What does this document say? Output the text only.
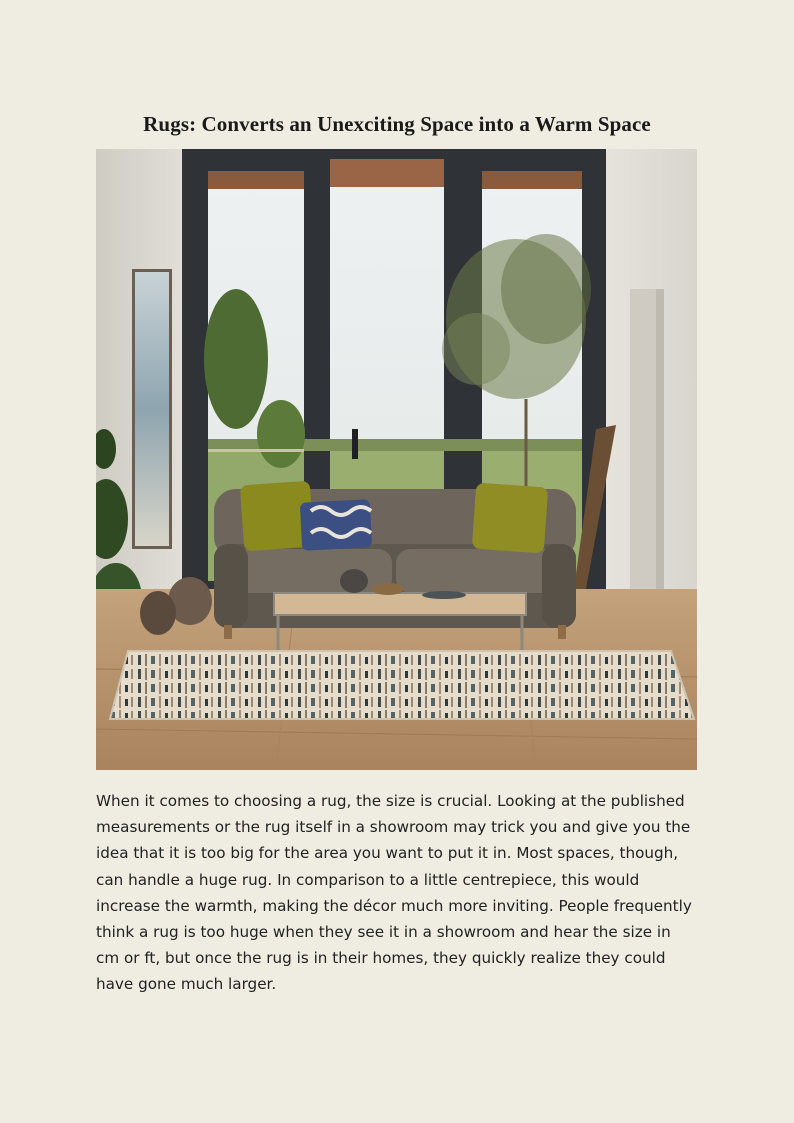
Rugs: Converts an Unexciting Space into a Warm Space

When it comes to choosing a rug, the size is crucial. Looking at the published measurements or the rug itself in a showroom may trick you and give you the idea that it is too big for the area you want to put it in. Most spaces, though, can handle a huge rug. In comparison to a little centrepiece, this would increase the warmth, making the décor much more inviting. People frequently think a rug is too huge when they see it in a showroom and hear the size in cm or ft, but once the rug is in their homes, they quickly realize they could have gone much larger.
